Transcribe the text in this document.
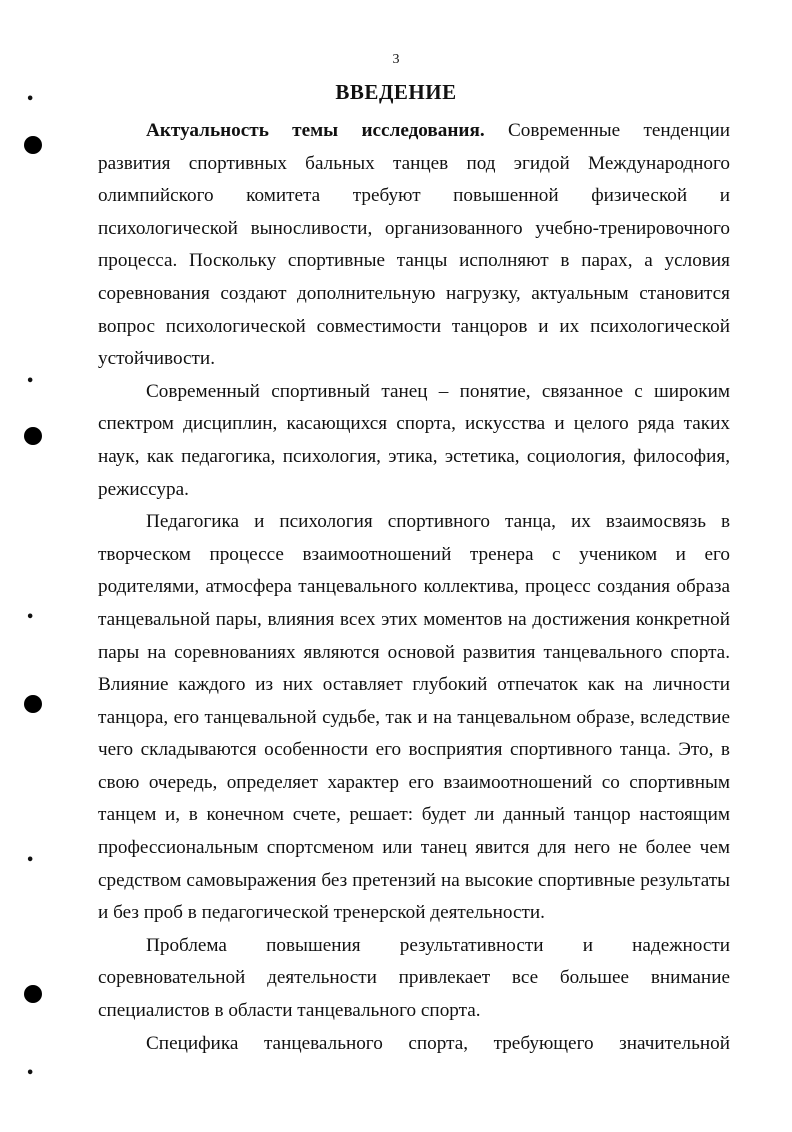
3
ВВЕДЕНИЕ

Актуальность темы исследования. Современные тенденции развития спортивных бальных танцев под эгидой Международного олимпийского комитета требуют повышенной физической и психологической выносливости, организованного учебно-тренировочного процесса. Поскольку спортивные танцы исполняют в парах, а условия соревнования создают дополнительную нагрузку, актуальным становится вопрос психологической совместимости танцоров и их психологической устойчивости.

Современный спортивный танец – понятие, связанное с широким спектром дисциплин, касающихся спорта, искусства и целого ряда таких наук, как педагогика, психология, этика, эстетика, социология, философия, режиссура.

Педагогика и психология спортивного танца, их взаимосвязь в творческом процессе взаимоотношений тренера с учеником и его родителями, атмосфера танцевального коллектива, процесс создания образа танцевальной пары, влияния всех этих моментов на достижения конкретной пары на соревнованиях являются основой развития танцевального спорта. Влияние каждого из них оставляет глубокий отпечаток как на личности танцора, его танцевальной судьбе, так и на танцевальном образе, вследствие чего складываются особенности его восприятия спортивного танца. Это, в свою очередь, определяет характер его взаимоотношений со спортивным танцем и, в конечном счете, решает: будет ли данный танцор настоящим профессиональным спортсменом или танец явится для него не более чем средством самовыражения без претензий на высокие спортивные результаты и без проб в педагогической тренерской деятельности.

Проблема повышения результативности и надежности соревновательной деятельности привлекает все большее внимание специалистов в области танцевального спорта.

Специфика танцевального спорта, требующего значительной

•
•
•
•
•
